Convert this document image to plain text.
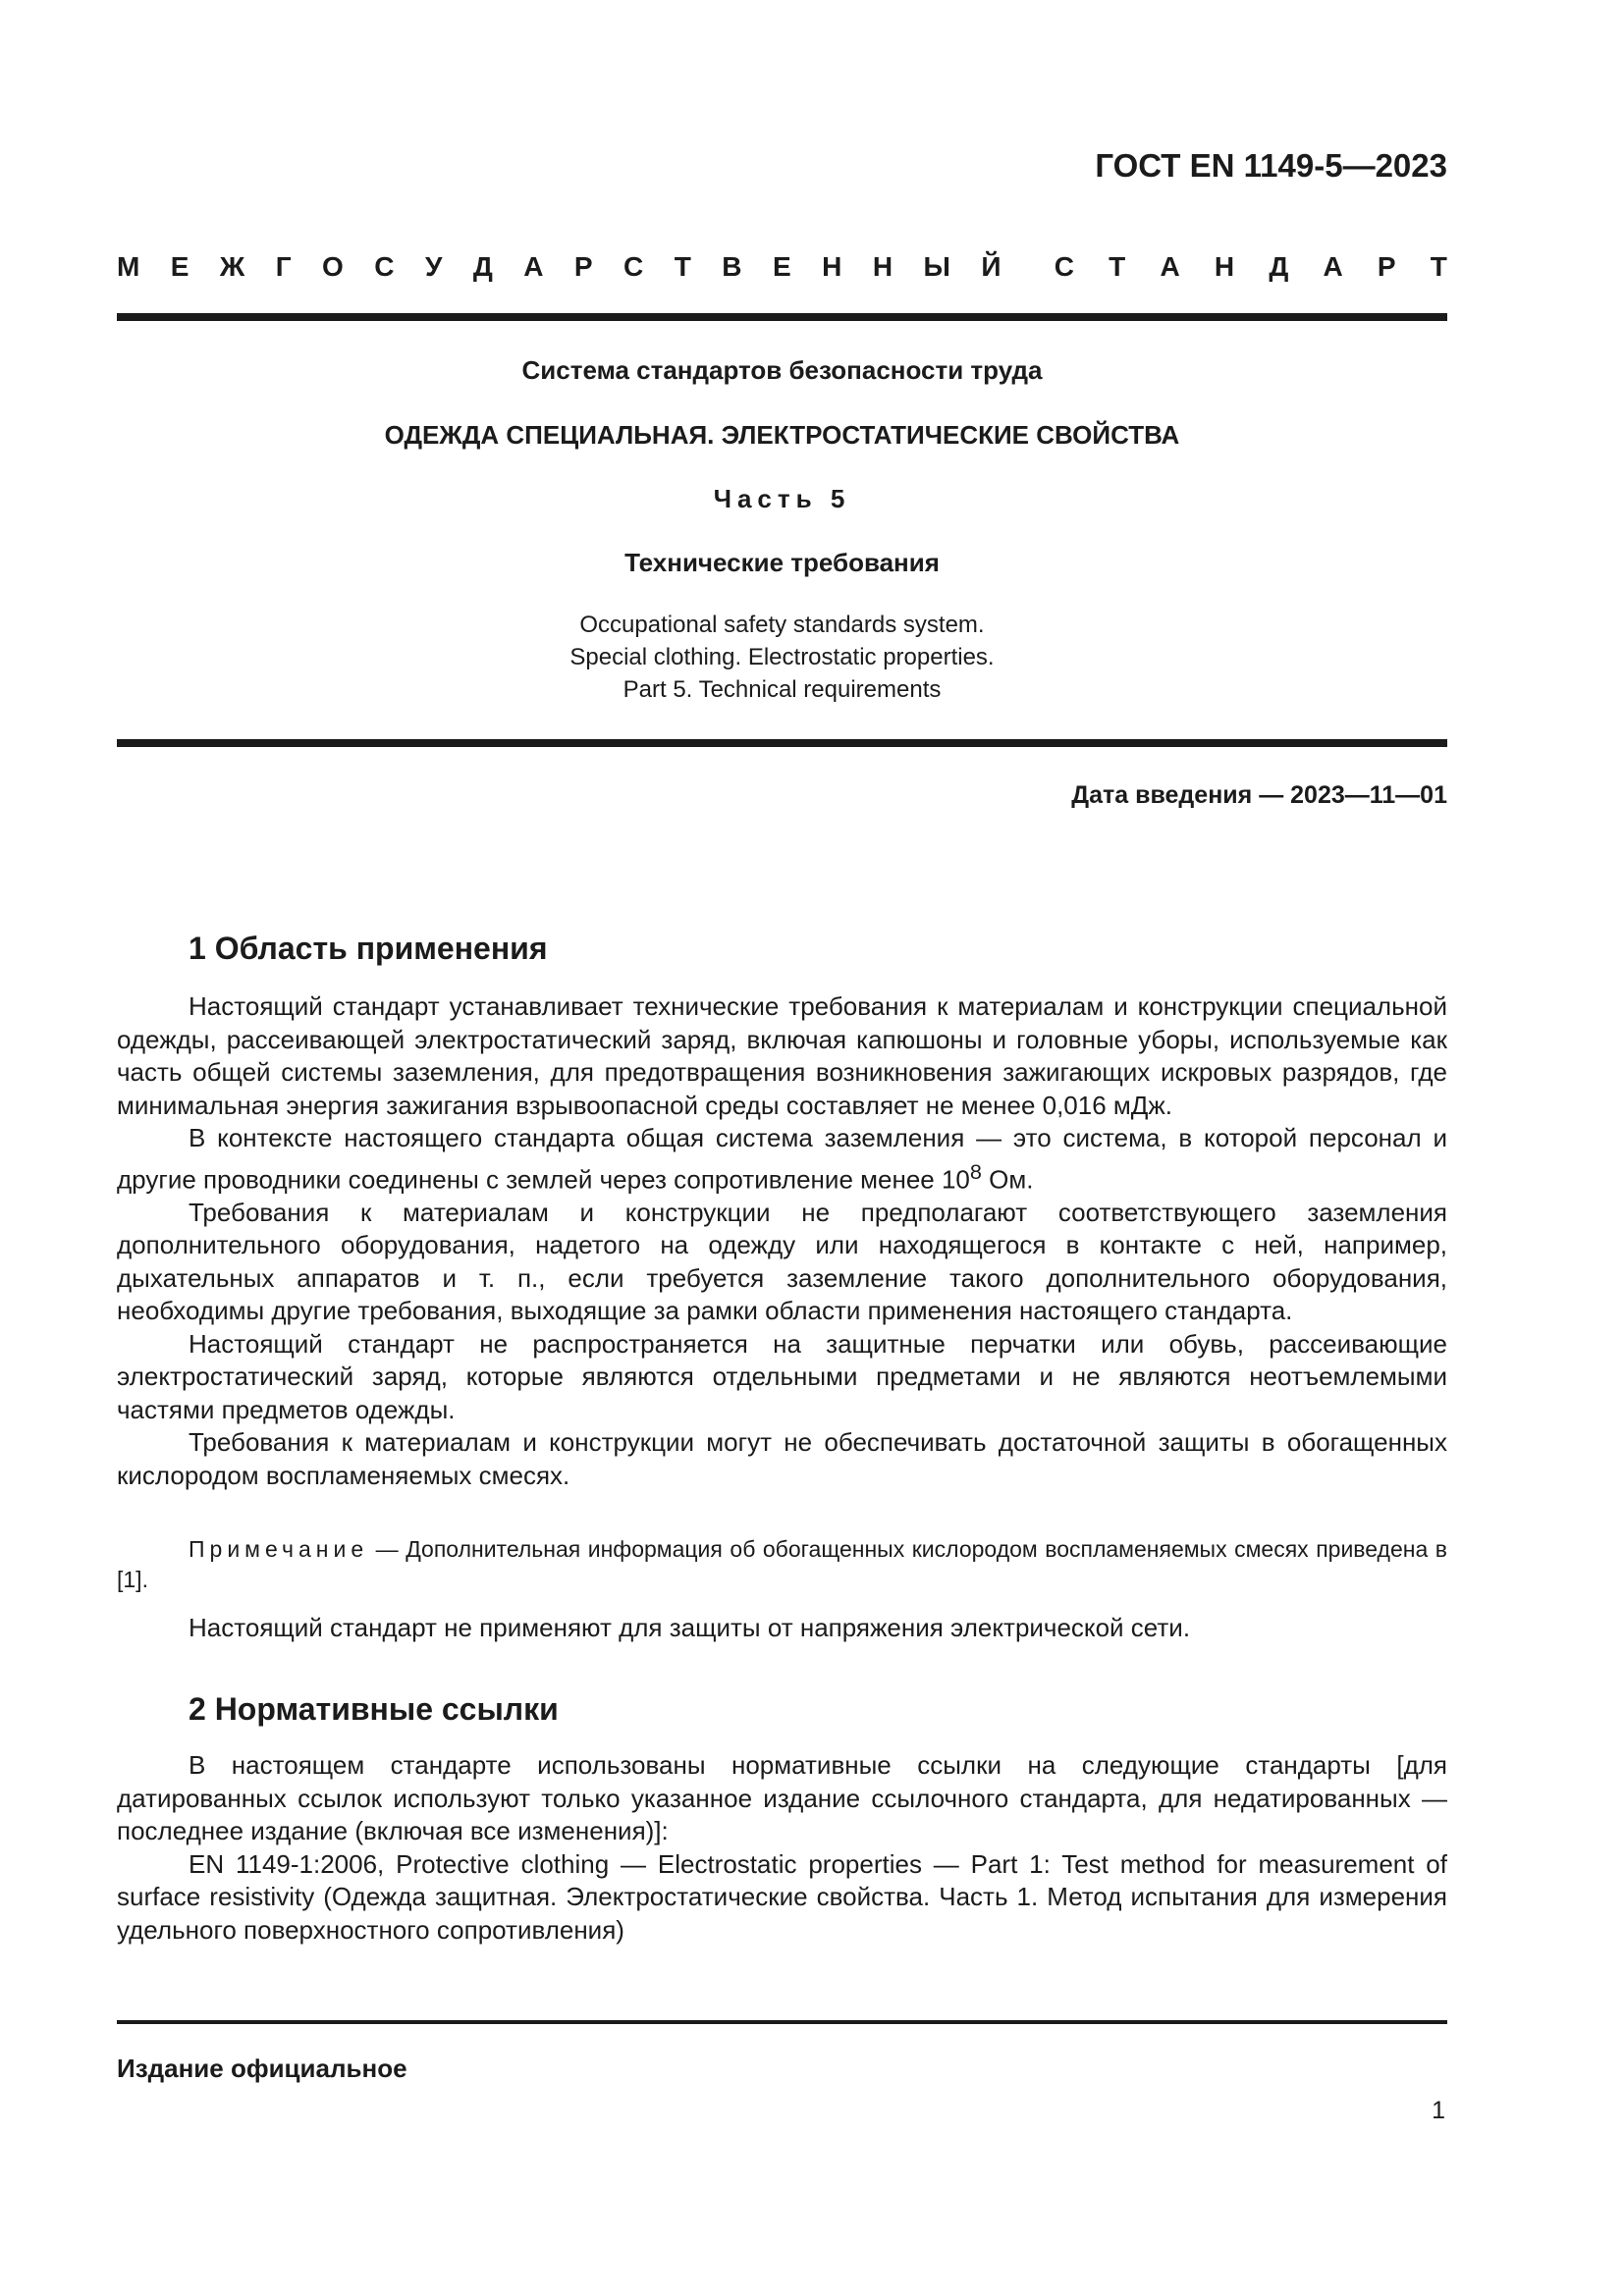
ГОСТ EN 1149-5—2023
М Е Ж Г О С У Д А Р С Т В Е Н Н Ы Й С Т А Н Д А Р Т
Система стандартов безопасности труда
ОДЕЖДА СПЕЦИАЛЬНАЯ. ЭЛЕКТРОСТАТИЧЕСКИЕ СВОЙСТВА
Часть 5
Технические требования
Occupational safety standards system.
Special clothing. Electrostatic properties.
Part 5. Technical requirements
Дата введения — 2023—11—01
1 Область применения

Настоящий стандарт устанавливает технические требования к материалам и конструкции специальной одежды, рассеивающей электростатический заряд, включая капюшоны и головные уборы, используемые как часть общей системы заземления, для предотвращения возникновения зажигающих искровых разрядов, где минимальная энергия зажигания взрывоопасной среды составляет не менее 0,016 мДж.

В контексте настоящего стандарта общая система заземления — это система, в которой персонал и другие проводники соединены с землей через сопротивление менее $10^8$ Ом.

Требования к материалам и конструкции не предполагают соответствующего заземления дополнительного оборудования, надетого на одежду или находящегося в контакте с ней, например, дыхательных аппаратов и т. п., если требуется заземление такого дополнительного оборудования, необходимы другие требования, выходящие за рамки области применения настоящего стандарта.

Настоящий стандарт не распространяется на защитные перчатки или обувь, рассеивающие электростатический заряд, которые являются отдельными предметами и не являются неотъемлемыми частями предметов одежды.

Требования к материалам и конструкции могут не обеспечивать достаточной защиты в обогащенных кислородом воспламеняемых смесях.

Примечание — Дополнительная информация об обогащенных кислородом воспламеняемых смесях приведена в [1].

Настоящий стандарт не применяют для защиты от напряжения электрической сети.

2 Нормативные ссылки

В настоящем стандарте использованы нормативные ссылки на следующие стандарты [для датированных ссылок используют только указанное издание ссылочного стандарта, для недатированных — последнее издание (включая все изменения)]:

EN 1149-1:2006, Protective clothing — Electrostatic properties — Part 1: Test method for measurement of surface resistivity (Одежда защитная. Электростатические свойства. Часть 1. Метод испытания для измерения удельного поверхностного сопротивления)

Издание официальное
1
